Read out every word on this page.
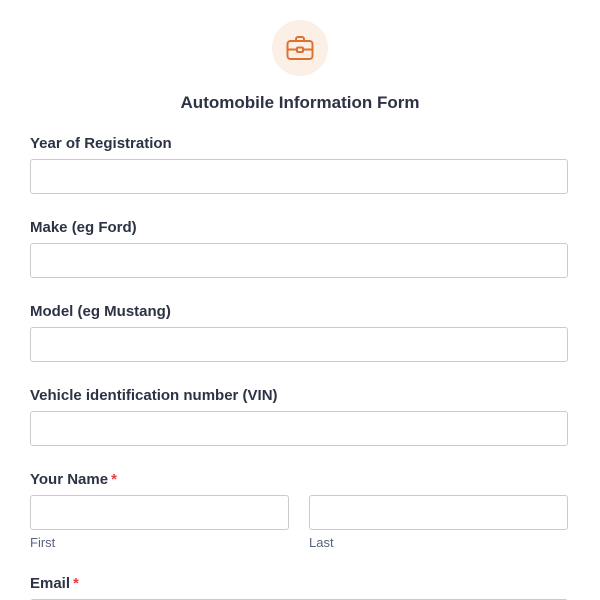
Automobile Information Form
Year of Registration
Make (eg Ford)
Model (eg Mustang)
Vehicle identification number (VIN)
Your Name *
First	Last
Email *
